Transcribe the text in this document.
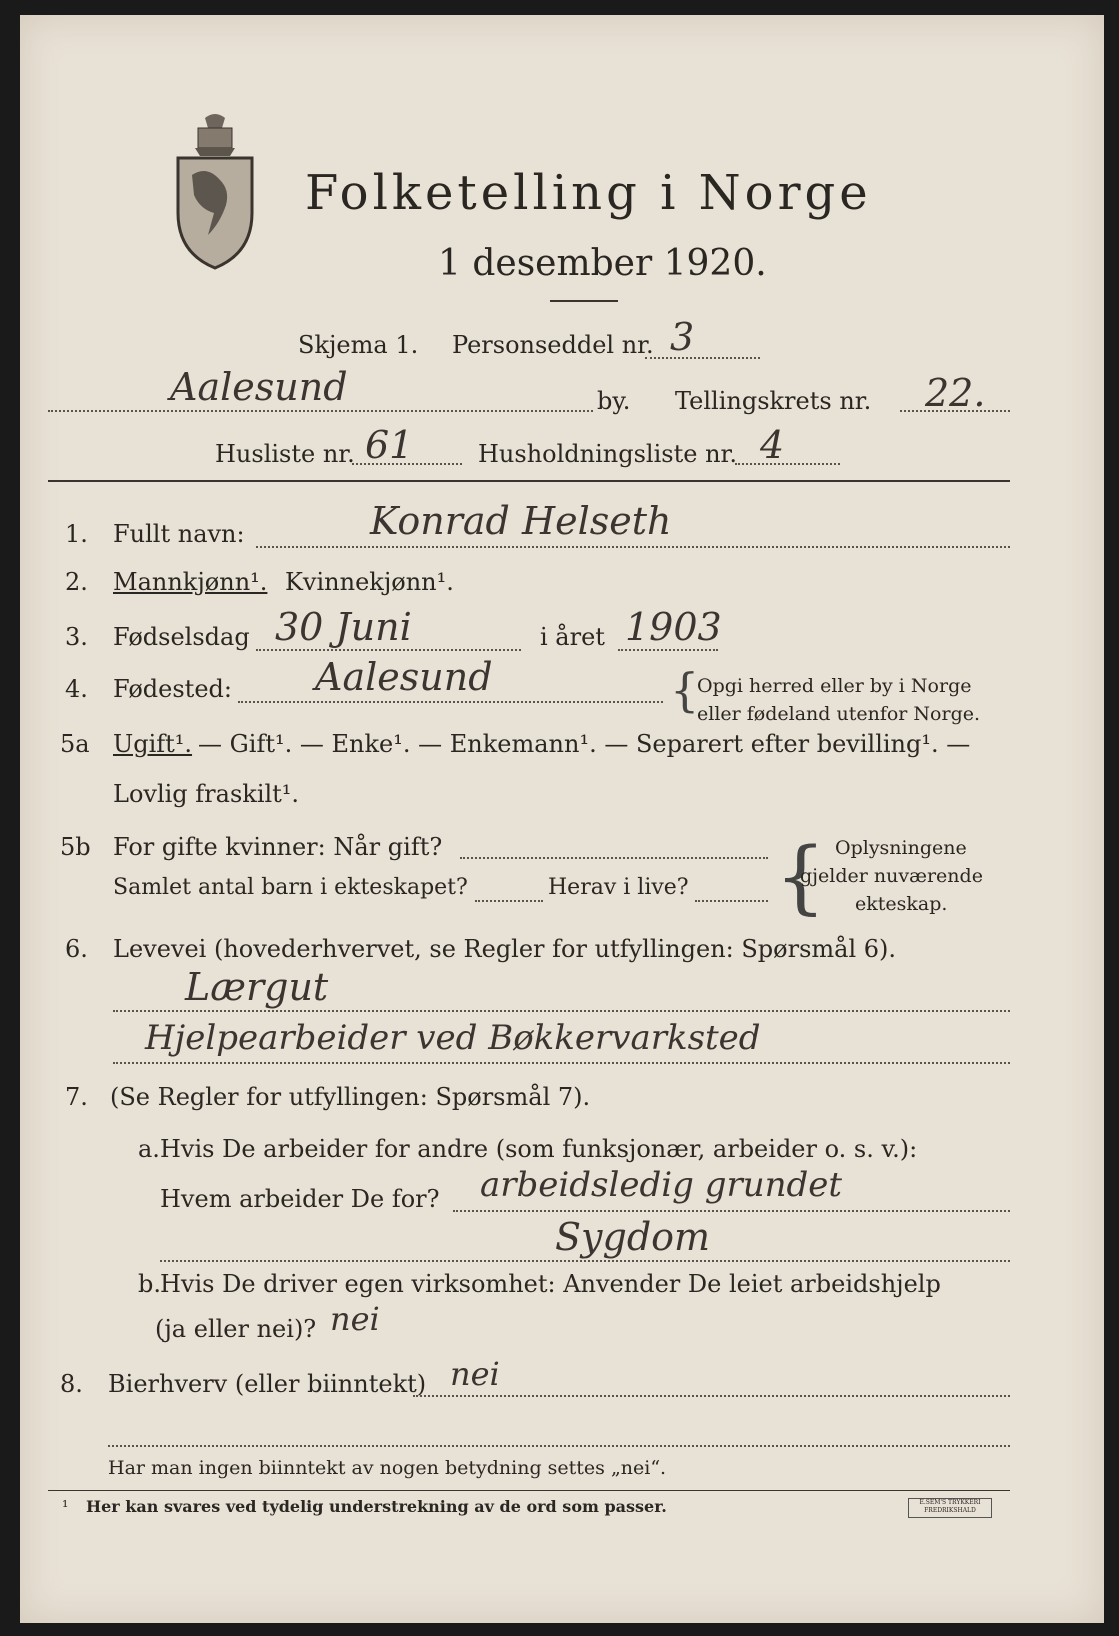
Folketelling i Norge
1 desember 1920.
Skjema 1. Personseddel nr. 3
Aalesund	by. Tellingskrets nr. 22.
Husliste nr. 61	Husholdningsliste nr. 4
1. Fullt navn:	Konrad Helseth
2. Mannkjønn¹. Kvinnekjønn¹.
3. Fødselsdag 30 Juni	i året 1903
4. Fødested: Aalesund	{
Opgi herred eller by i Norge
eller fødeland utenfor Norge.
5a Ugift¹. — Gift¹. — Enke¹. — Enkemann¹. — Separert efter bevilling¹. —
Lovlig fraskilt¹.
5b For gifte kvinner: Når gift?
Samlet antal barn i ekteskapet?	Herav i live? { Oplysningene
gjelder nuværende
ekteskap.
6. Levevei (hovederhvervet, se Regler for utfyllingen: Spørsmål 6).
Lærgut
Hjelpearbeider ved Bøkkervarksted
7. (Se Regler for utfyllingen: Spørsmål 7).
a. Hvis De arbeider for andre (som funksjonær, arbeider o. s. v.):
Hvem arbeider De for? arbeidsledig grundet
Sygdom
b. Hvis De driver egen virksomhet: Anvender De leiet arbeidshjelp
(ja eller nei)? nei
8. Bierhverv (eller biinntekt) nei
Har man ingen biinntekt av nogen betydning settes „nei“.
¹ Her kan svares ved tydelig understrekning av de ord som passer.	E.SEM'S TRYKKERI FREDRIKSHALD
